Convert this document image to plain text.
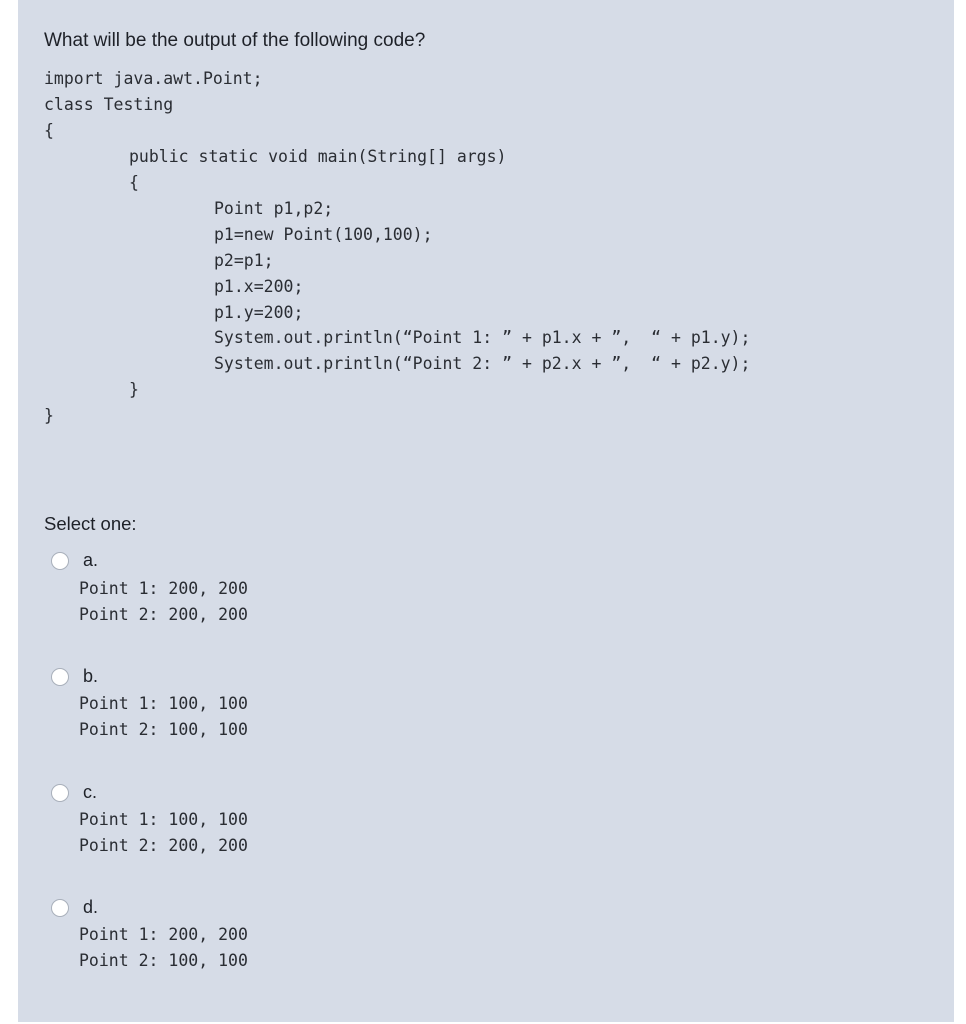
What will be the output of the following code?
import java.awt.Point;
class Testing
{
public static void main(String[] args)
{
Point p1,p2;
p1=new Point(100,100);
p2=p1;
p1.x=200;
p1.y=200;
System.out.println(“Point 1: ” + p1.x + ”,  “ + p1.y);
System.out.println(“Point 2: ” + p2.x + ”,  “ + p2.y);
}
}
Select one:
a.
Point 1: 200, 200
Point 2: 200, 200
b.
Point 1: 100, 100
Point 2: 100, 100
c.
Point 1: 100, 100
Point 2: 200, 200
d.
Point 1: 200, 200
Point 2: 100, 100
